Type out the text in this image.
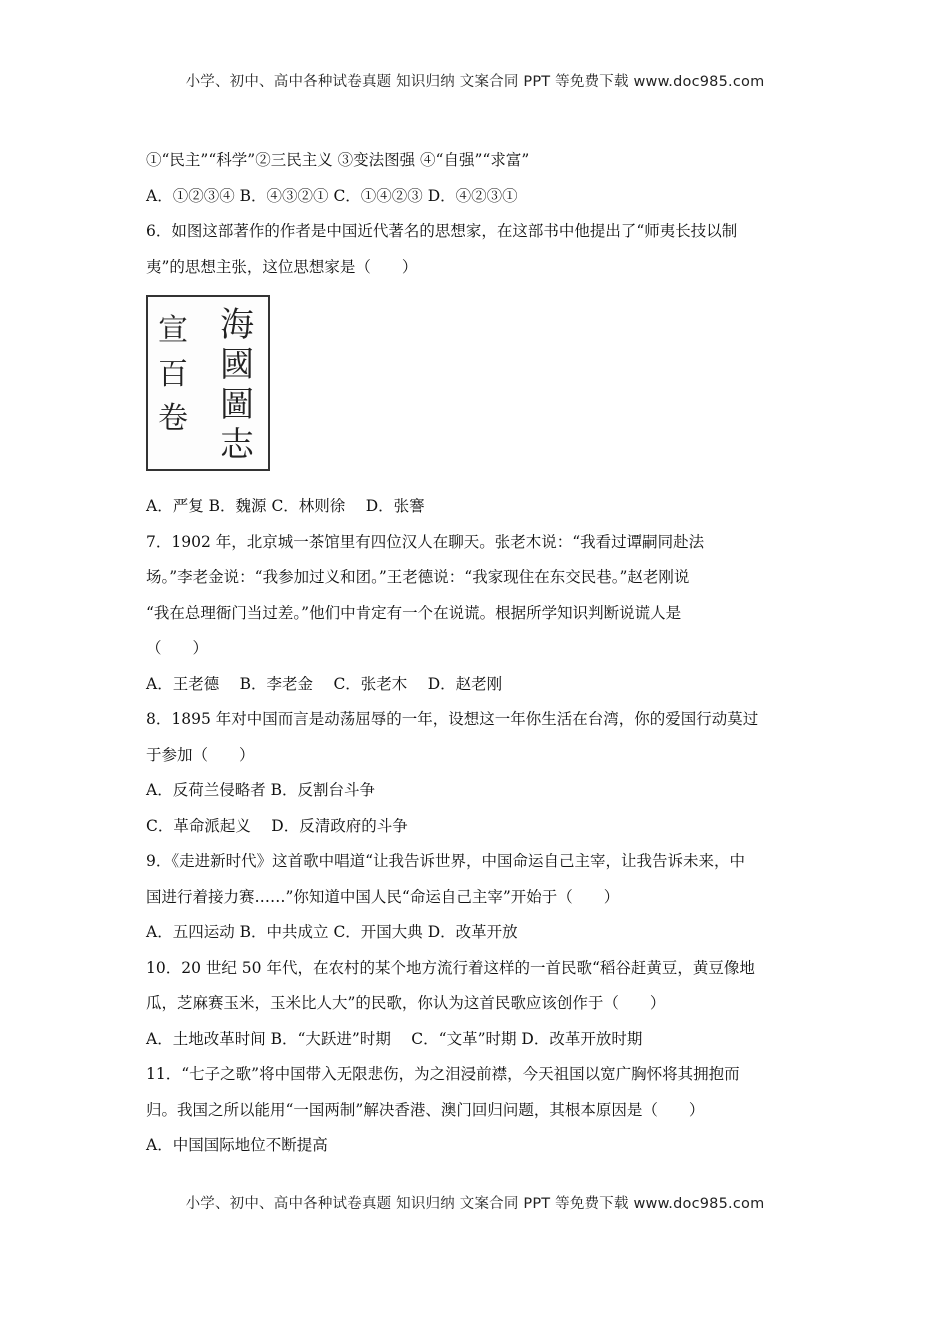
小学、初中、高中各种试卷真题 知识归纳 文案合同 PPT 等免费下载 www.doc985.com
①“民主”“科学”②三民主义 ③变法图强 ④“自强”“求富”
A．①②③④ B．④③②① C．①④②③ D．④②③①
6．如图这部著作的作者是中国近代著名的思想家，在这部书中他提出了“师夷长技以制
夷”的思想主张，这位思想家是（　　）
海
國
圖
志
宣
百
卷
A．严复 B．魏源 C．林则徐　 D．张謇
7．1902 年，北京城一茶馆里有四位汉人在聊天。张老木说：“我看过谭嗣同赴法
场。”李老金说：“我参加过义和团。”王老德说：“我家现住在东交民巷。”赵老刚说
“我在总理衙门当过差。”他们中肯定有一个在说谎。根据所学知识判断说谎人是
（　　）
A．王老德　 B．李老金　 C．张老木　 D．赵老刚
8．1895 年对中国而言是动荡屈辱的一年，设想这一年你生活在台湾，你的爱国行动莫过
于参加（　　）
A．反荷兰侵略者 B．反割台斗争
C．革命派起义　 D．反清政府的斗争
9．《走进新时代》这首歌中唱道“让我告诉世界，中国命运自己主宰，让我告诉未来，中
国进行着接力赛……”你知道中国人民“命运自己主宰”开始于（　　）
A．五四运动 B．中共成立 C．开国大典 D．改革开放
10．20 世纪 50 年代，在农村的某个地方流行着这样的一首民歌“稻谷赶黄豆，黄豆像地
瓜，芝麻赛玉米，玉米比人大”的民歌，你认为这首民歌应该创作于（　　）
A．土地改革时间 B．“大跃进”时期　 C．“文革”时期 D．改革开放时期
11．“七子之歌”将中国带入无限悲伤，为之泪浸前襟，今天祖国以宽广胸怀将其拥抱而
归。我国之所以能用“一国两制”解决香港、澳门回归问题，其根本原因是（　　）
A．中国国际地位不断提高
小学、初中、高中各种试卷真题 知识归纳 文案合同 PPT 等免费下载 www.doc985.com
